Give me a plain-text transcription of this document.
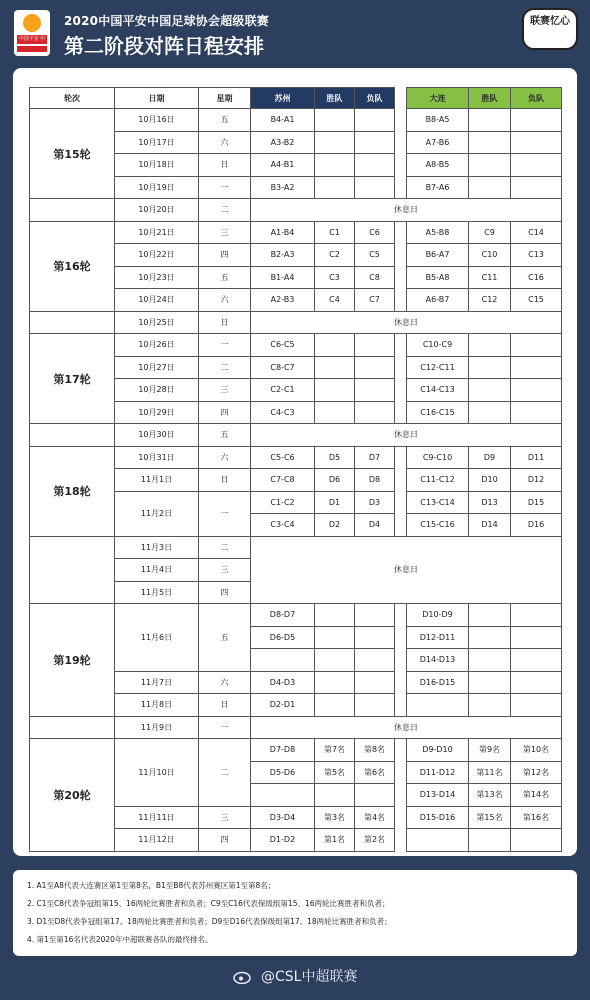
中国平安 中
2020中国平安中国足球协会超级联赛
第二阶段对阵日程安排
联赛忆心
轮次	日期	星期	苏州	胜队	负队		大连	胜队	负队
第15轮	10月16日	五	B4-A1				B8-A5		
	10月17日	六	A3-B2				A7-B6		
	10月18日	日	A4-B1				A8-B5		
	10月19日	一	B3-A2				B7-A6		
	10月20日	二	休息日						
第16轮	10月21日	三	A1-B4	C1	C6		A5-B8	C9	C14
	10月22日	四	B2-A3	C2	C5		B6-A7	C10	C13
	10月23日	五	B1-A4	C3	C8		B5-A8	C11	C16
	10月24日	六	A2-B3	C4	C7		A6-B7	C12	C15
	10月25日	日	休息日						
第17轮	10月26日	一	C6-C5				C10-C9		
	10月27日	二	C8-C7				C12-C11		
	10月28日	三	C2-C1				C14-C13		
	10月29日	四	C4-C3				C16-C15		
	10月30日	五	休息日						
第18轮	10月31日	六	C5-C6	D5	D7		C9-C10	D9	D11
	11月1日	日	C7-C8	D6	D8		C11-C12	D10	D12
	11月2日	一	C1-C2	D1	D3		C13-C14	D13	D15
			C3-C4	D2	D4		C15-C16	D14	D16
	11月3日	二	休息日						
	11月4日	三							
	11月5日	四							
第19轮	11月6日	五	D8-D7				D10-D9		
			D6-D5				D12-D11		
							D14-D13		
	11月7日	六	D4-D3				D16-D15		
	11月8日	日	D2-D1						
	11月9日	一	休息日						
第20轮	11月10日	二	D7-D8	第7名	第8名		D9-D10	第9名	第10名
			D5-D6	第5名	第6名		D11-D12	第11名	第12名
							D13-D14	第13名	第14名
	11月11日	三	D3-D4	第3名	第4名		D15-D16	第15名	第16名
	11月12日	四	D1-D2	第1名	第2名				
1. A1至A8代表大连赛区第1至第8名，B1至B8代表苏州赛区第1至第8名；
2. C1至C8代表争冠组第15、16两轮比赛胜者和负者；C9至C16代表保级组第15、16两轮比赛胜者和负者；
3. D1至D8代表争冠组第17、18两轮比赛胜者和负者；D9至D16代表保级组第17、18两轮比赛胜者和负者；
4. 第1至第16名代表2020年中超联赛各队的最终排名。
@CSL中超联赛
